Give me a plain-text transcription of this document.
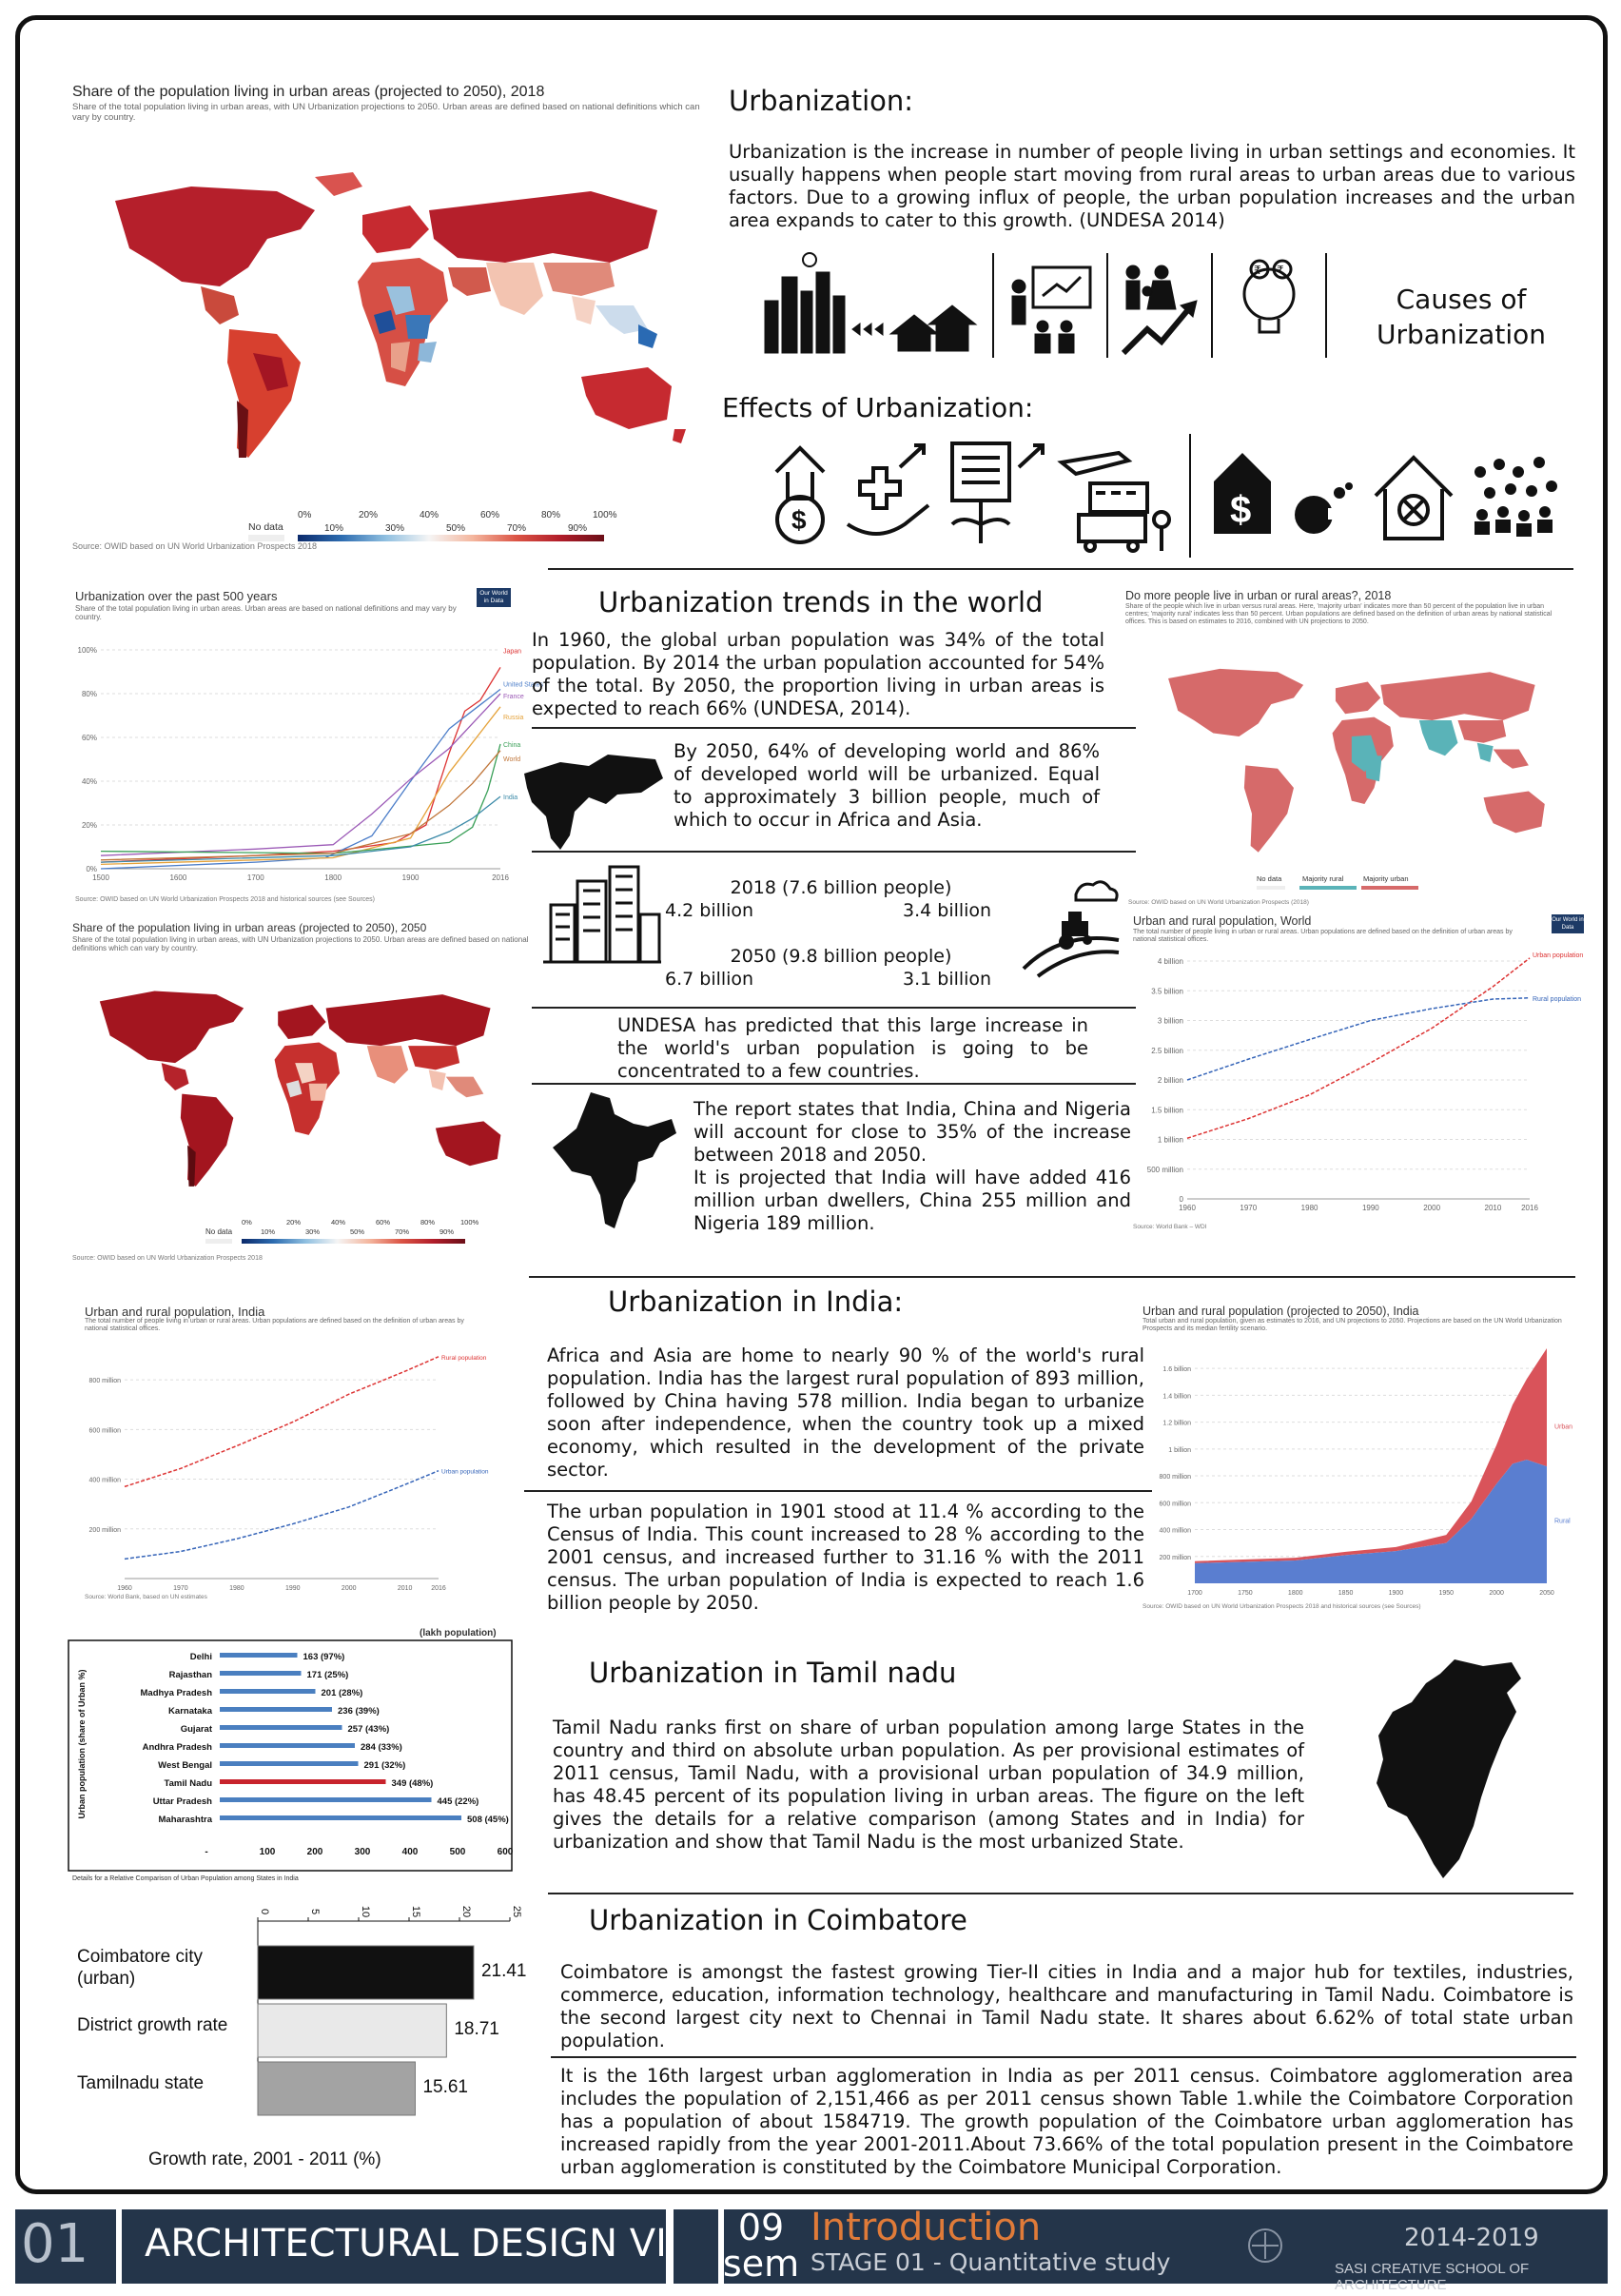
Share of the population living in urban areas (projected to 2050), 2018
Share of the total population living in urban areas, with UN Urbanization projections to 2050. Urban areas are defined based on national definitions which can vary by country.
No data
0%	20%	40%	60%	80%	100%
10%	30%	50%	70%	90%
Source: OWID based on UN World Urbanization Prospects 2018
Urbanization:
Urbanization is the increase in number of people living in urban settings and economies. It usually happens when people start moving from rural areas to urban areas due to various factors. Due to a growing influx of people, the urban population increases and the urban area expands to cater to this growth. (UNDESA 2014)
₹ ₹
Causes of
Urbanization
Effects of Urbanization:
$	$
Urbanization over the past 500 years
Share of the total population living in urban areas. Urban areas are based on national definitions and may vary by country.
Our World in Data
0%
20%
40%
60%
80%
100%
1500	1600	1700	1800	1900	2016
Japan
United States
France
Russia
China
World
India
Source: OWID based on UN World Urbanization Prospects 2018 and historical sources (see Sources)
Share of the population living in urban areas (projected to 2050), 2050
Share of the total population living in urban areas, with UN Urbanization projections to 2050. Urban areas are defined based on national definitions which can vary by country.
No data
0%	20%	40%	60%	80%	100%
10%	30%	50%	70%	90%
Source: OWID based on UN World Urbanization Prospects 2018
Urbanization trends in the world
In 1960, the global urban population was 34% of the total population. By 2014 the urban population accounted for 54% of the total. By 2050, the proportion living in urban areas is expected to reach 66% (UNDESA, 2014).
By 2050, 64% of developing world and 86% of developed world will be urbanized. Equal to approximately 3 billion people, much of which to occur in Africa and Asia.
2018 (7.6 billion people)
4.2 billion	3.4 billion
2050 (9.8 billion people)
6.7 billion	3.1 billion
UNDESA has predicted that this large increase in the world's urban population is going to be concentrated to a few countries.
The report states that India, China and Nigeria will account for close to 35% of the increase between 2018 and 2050.
It is projected that India will have added 416 million urban dwellers, China 255 million and Nigeria 189 million.
Do more people live in urban or rural areas?, 2018
Share of the people which live in urban versus rural areas. Here, 'majority urban' indicates more than 50 percent of the population live in urban centres; 'majority rural' indicates less than 50 percent. Urban populations are defined based on the definition of urban areas by national statistical offices. This is based on estimates to 2016, combined with UN projections to 2050.
No data	Majority rural	Majority urban
Source: OWID based on UN World Urbanization Prospects (2018)
Urban and rural population, World
The total number of people living in urban or rural areas. Urban populations are defined based on the definition of urban areas by national statistical offices.
Our World in Data
0
500 million
1 billion
1.5 billion
2 billion
2.5 billion
3 billion
3.5 billion
4 billion
1960	1970	1980	1990	2000	2010	2016
Urban population
Rural population
Source: World Bank – WDI
Urban and rural population, India
The total number of people living in urban or rural areas. Urban populations are defined based on the definition of urban areas by national statistical offices.
200 million
400 million
600 million
800 million
1960	1970	1980	1990	2000	2010	2016
Rural population
Urban population
Source: World Bank, based on UN estimates
Urbanization in India:
Africa and Asia are home to nearly 90 % of the world's rural population. India has the largest rural population of 893 million, followed by China having 578 million. India began to urbanize soon after independence, when the country took up a mixed economy, which resulted in the development of the private sector.
The urban population in 1901 stood at 11.4 % according to the Census of India. This count increased to 28 % according to the 2001 census, and increased further to 31.16 % with the 2011 census. The urban population of India is expected to reach 1.6 billion people by 2050.
Urban and rural population (projected to 2050), India
Total urban and rural population, given as estimates to 2016, and UN projections to 2050. Projections are based on the UN World Urbanization Prospects and its median fertility scenario.
200 million
400 million
600 million
800 million
1 billion
1.2 billion
1.4 billion
1.6 billion
1700	1750	1800	1850	1900	1950	2000	2050
Urban
Rural
Source: OWID based on UN World Urbanization Prospects 2018 and historical sources (see Sources)
(lakh population)
Delhi	163 (97%)
Rajasthan	171 (25%)
Madhya Pradesh	201 (28%)
Karnataka	236 (39%)
Gujarat	257 (43%)
Andhra Pradesh	284 (33%)
West Bengal	291 (32%)
Tamil Nadu	349 (48%)
Uttar Pradesh	445 (22%)
Maharashtra	508 (45%)
-	100	200	300	400	500	600
Urban population (share of Urban %)
Details for a Relative Comparison of Urban Population among States in India
Urbanization in Tamil nadu
Tamil Nadu ranks first on share of urban population among large States in the country and third on absolute urban population. As per provisional estimates of 2011 census, Tamil Nadu, with a provisional urban population of 34.9 million, has 48.45 percent of its population living in urban areas. The figure on the left gives the details for a relative comparison (among States and in India) for urbanization and show that Tamil Nadu is the most urbanized State.
0	5	10	15	20	25
21.41
Coimbatore city
(urban)
18.71
District growth rate
15.61
Tamilnadu state
Growth rate, 2001 - 2011 (%)
Urbanization in Coimbatore
Coimbatore is amongst the fastest growing Tier-II cities in India and a major hub for textiles, industries, commerce, education, information technology, healthcare and manufacturing in Tamil Nadu. Coimbatore is the second largest city next to Chennai in Tamil Nadu state. It shares about 6.62% of total state urban population.
It is the 16th largest urban agglomeration in India as per 2011 census. Coimbatore agglomeration area includes the population of 2,151,466 as per 2011 census shown Table 1.while the Coimbatore Corporation has a population of about 1584719. The growth population of the Coimbatore urban agglomeration has increased rapidly from the year 2001-2011.About 73.66% of the total population present in the Coimbatore urban agglomeration is constituted by the Coimbatore Municipal Corporation.
01 ARCHITECTURAL DESIGN VI	09
sem
Introduction
STAGE 01 - Quantitative study
2014-2019
SASI CREATIVE SCHOOL OF ARCHITECTURE
